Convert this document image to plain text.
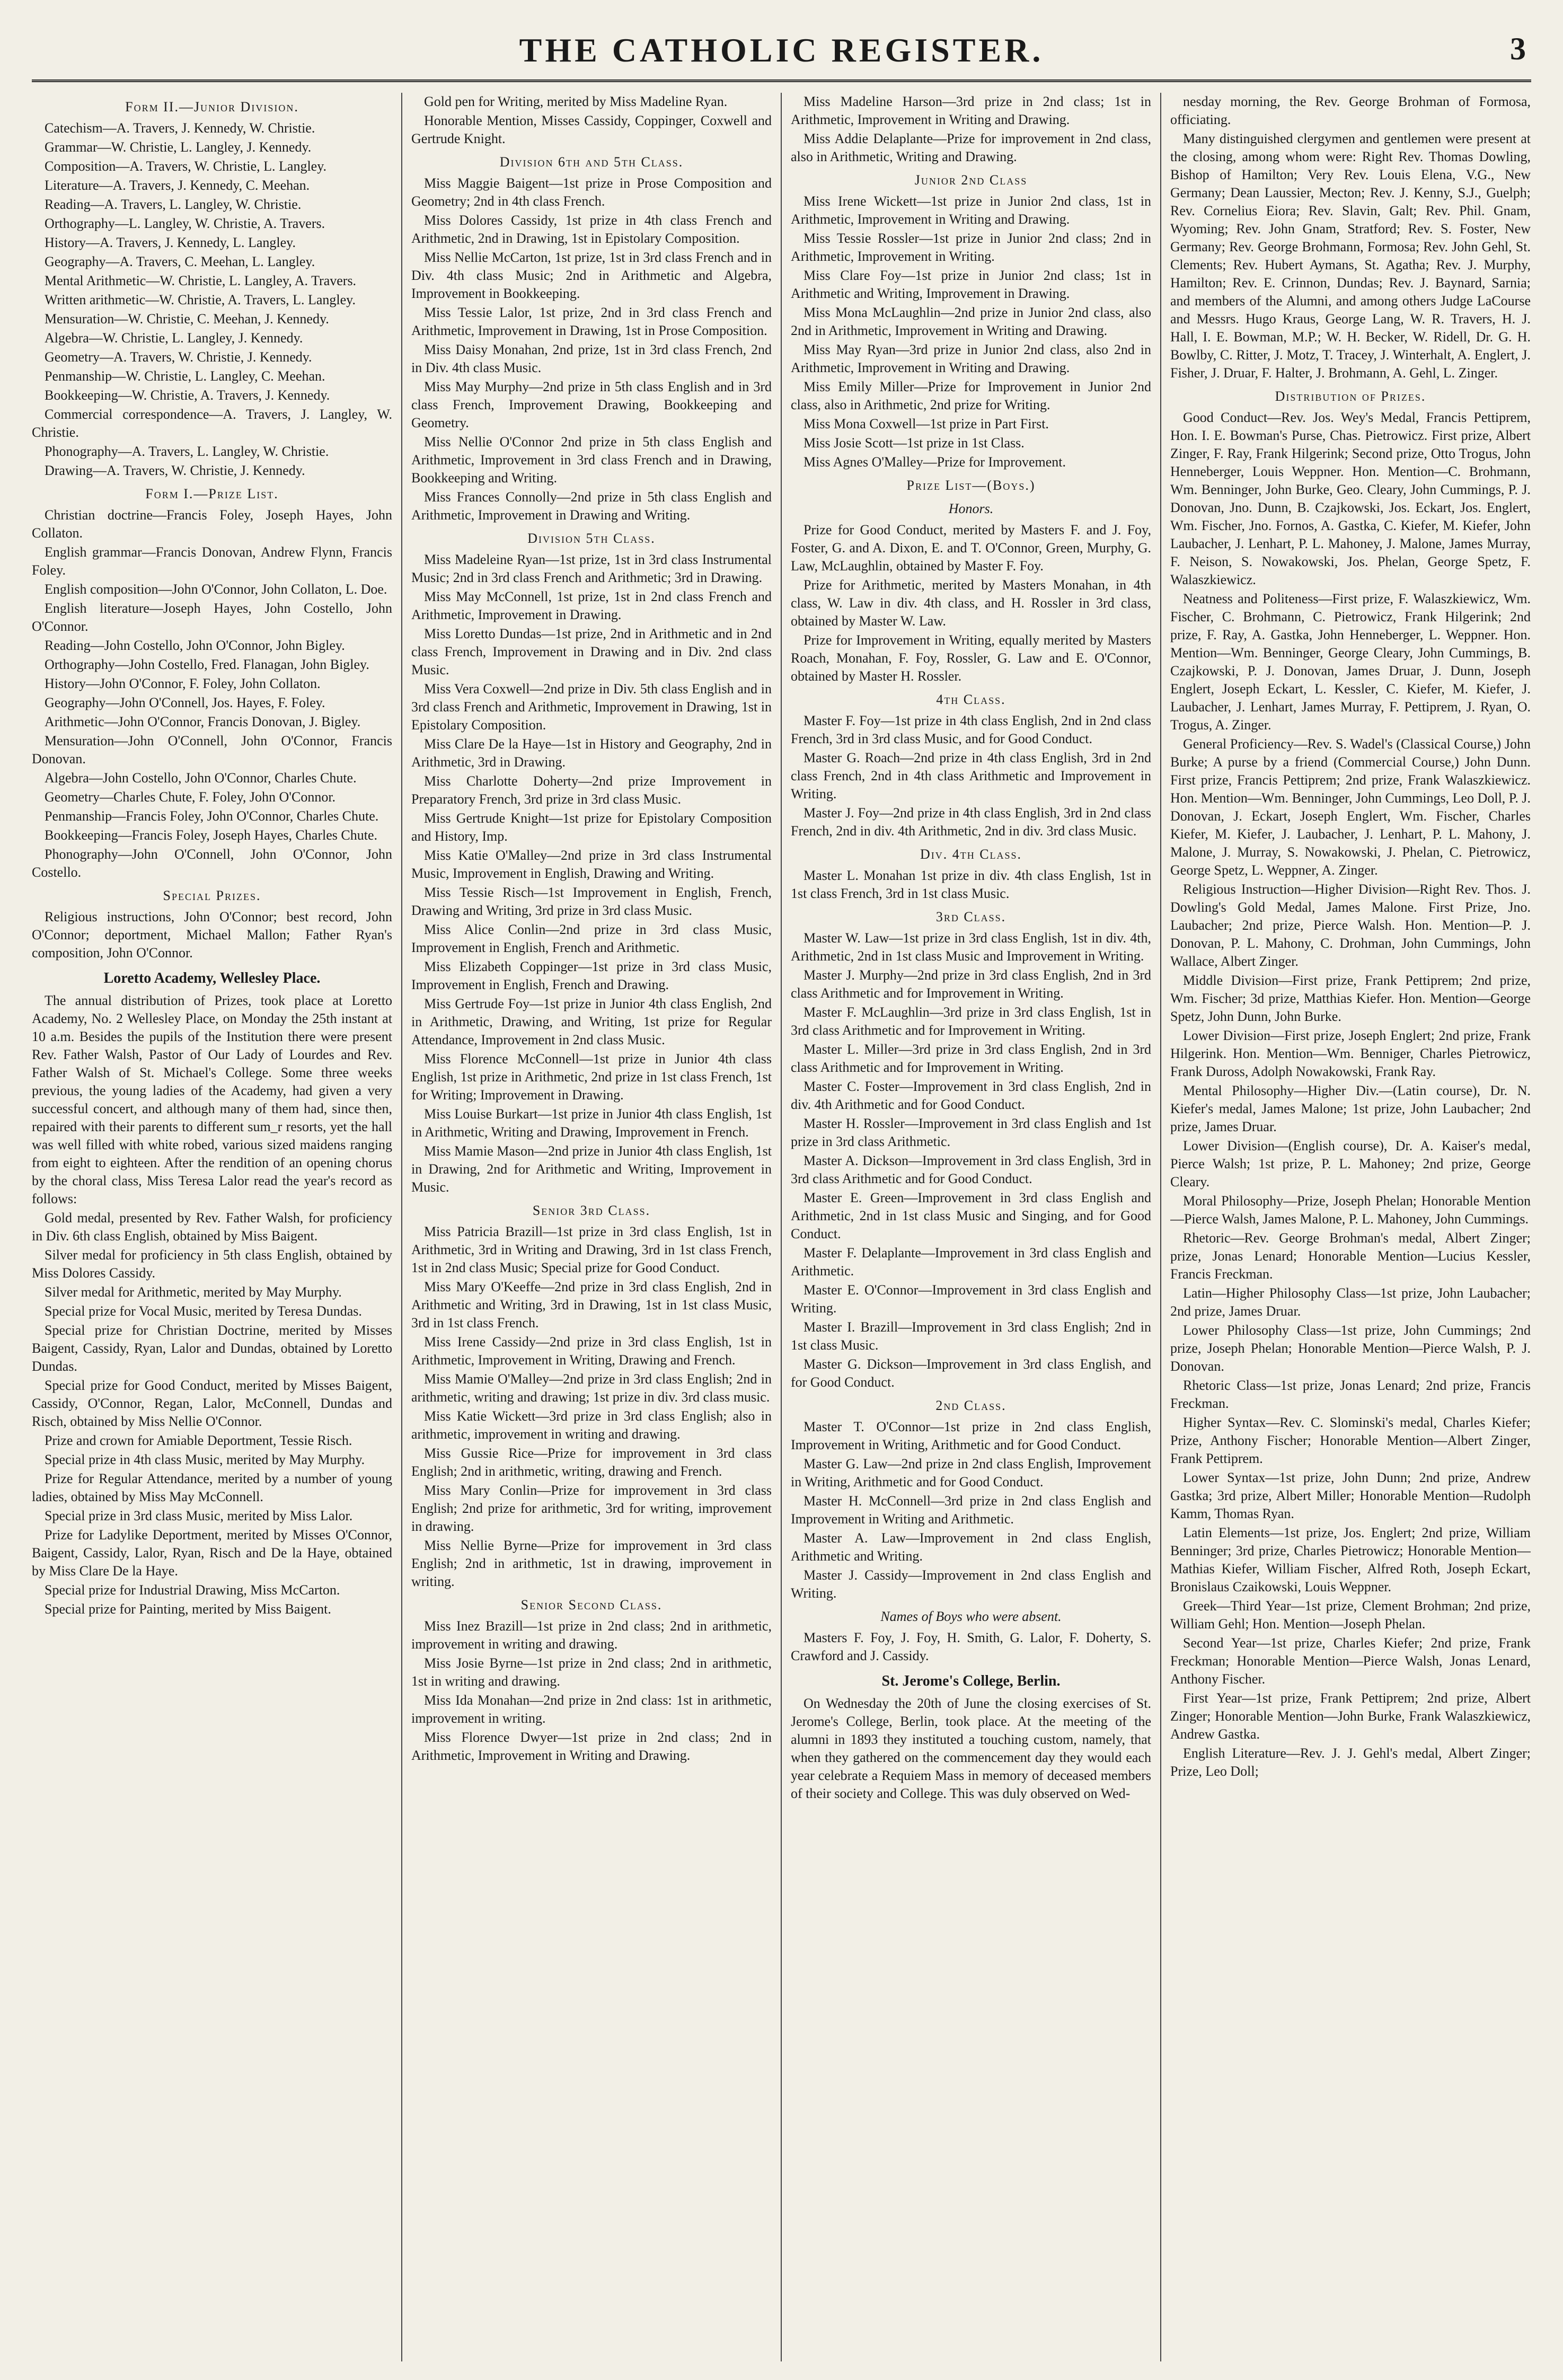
THE CATHOLIC REGISTER.	3
Form II.—Junior Division.

Catechism—A. Travers, J. Kennedy, W. Christie.

Grammar—W. Christie, L. Langley, J. Kennedy.

Composition—A. Travers, W. Christie, L. Langley.

Literature—A. Travers, J. Kennedy, C. Meehan.

Reading—A. Travers, L. Langley, W. Christie.

Orthography—L. Langley, W. Christie, A. Travers.

History—A. Travers, J. Kennedy, L. Langley.

Geography—A. Travers, C. Meehan, L. Langley.

Mental Arithmetic—W. Christie, L. Langley, A. Travers.

Written arithmetic—W. Christie, A. Travers, L. Langley.

Mensuration—W. Christie, C. Meehan, J. Kennedy.

Algebra—W. Christie, L. Langley, J. Kennedy.

Geometry—A. Travers, W. Christie, J. Kennedy.

Penmanship—W. Christie, L. Langley, C. Meehan.

Bookkeeping—W. Christie, A. Travers, J. Kennedy.

Commercial correspondence—A. Travers, J. Langley, W. Christie.

Phonography—A. Travers, L. Langley, W. Christie.

Drawing—A. Travers, W. Christie, J. Kennedy.

Form I.—Prize List.

Christian doctrine—Francis Foley, Joseph Hayes, John Collaton.

English grammar—Francis Donovan, Andrew Flynn, Francis Foley.

English composition—John O'Connor, John Collaton, L. Doe.

English literature—Joseph Hayes, John Costello, John O'Connor.

Reading—John Costello, John O'Connor, John Bigley.

Orthography—John Costello, Fred. Flanagan, John Bigley.

History—John O'Connor, F. Foley, John Collaton.

Geography—John O'Connell, Jos. Hayes, F. Foley.

Arithmetic—John O'Connor, Francis Donovan, J. Bigley.

Mensuration—John O'Connell, John O'Connor, Francis Donovan.

Algebra—John Costello, John O'Connor, Charles Chute.

Geometry—Charles Chute, F. Foley, John O'Connor.

Penmanship—Francis Foley, John O'Connor, Charles Chute.

Bookkeeping—Francis Foley, Joseph Hayes, Charles Chute.

Phonography—John O'Connell, John O'Connor, John Costello.

Special Prizes.

Religious instructions, John O'Connor; best record, John O'Connor; deportment, Michael Mallon; Father Ryan's composition, John O'Connor.

Loretto Academy, Wellesley Place.

The annual distribution of Prizes, took place at Loretto Academy, No. 2 Wellesley Place, on Monday the 25th instant at 10 a.m. Besides the pupils of the Institution there were present Rev. Father Walsh, Pastor of Our Lady of Lourdes and Rev. Father Walsh of St. Michael's College. Some three weeks previous, the young ladies of the Academy, had given a very successful concert, and although many of them had, since then, repaired with their parents to different sum_r resorts, yet the hall was well filled with white robed, various sized maidens ranging from eight to eighteen. After the rendition of an opening chorus by the choral class, Miss Teresa Lalor read the year's record as follows:

Gold medal, presented by Rev. Father Walsh, for proficiency in Div. 6th class English, obtained by Miss Baigent.

Silver medal for proficiency in 5th class English, obtained by Miss Dolores Cassidy.

Silver medal for Arithmetic, merited by May Murphy.

Special prize for Vocal Music, merited by Teresa Dundas.

Special prize for Christian Doctrine, merited by Misses Baigent, Cassidy, Ryan, Lalor and Dundas, obtained by Loretto Dundas.

Special prize for Good Conduct, merited by Misses Baigent, Cassidy, O'Connor, Regan, Lalor, McConnell, Dundas and Risch, obtained by Miss Nellie O'Connor.

Prize and crown for Amiable Deportment, Tessie Risch.

Special prize in 4th class Music, merited by May Murphy.

Prize for Regular Attendance, merited by a number of young ladies, obtained by Miss May McConnell.

Special prize in 3rd class Music, merited by Miss Lalor.

Prize for Ladylike Deportment, merited by Misses O'Connor, Baigent, Cassidy, Lalor, Ryan, Risch and De la Haye, obtained by Miss Clare De la Haye.

Special prize for Industrial Drawing, Miss McCarton.

Special prize for Painting, merited by Miss Baigent.

Gold pen for Writing, merited by Miss Madeline Ryan.

Honorable Mention, Misses Cassidy, Coppinger, Coxwell and Gertrude Knight.

Division 6th and 5th Class.

Miss Maggie Baigent—1st prize in Prose Composition and Geometry; 2nd in 4th class French.

Miss Dolores Cassidy, 1st prize in 4th class French and Arithmetic, 2nd in Drawing, 1st in Epistolary Composition.

Miss Nellie McCarton, 1st prize, 1st in 3rd class French and in Div. 4th class Music; 2nd in Arithmetic and Algebra, Improvement in Bookkeeping.

Miss Tessie Lalor, 1st prize, 2nd in 3rd class French and Arithmetic, Improvement in Drawing, 1st in Prose Composition.

Miss Daisy Monahan, 2nd prize, 1st in 3rd class French, 2nd in Div. 4th class Music.

Miss May Murphy—2nd prize in 5th class English and in 3rd class French, Improvement Drawing, Bookkeeping and Geometry.

Miss Nellie O'Connor 2nd prize in 5th class English and Arithmetic, Improvement in 3rd class French and in Drawing, Bookkeeping and Writing.

Miss Frances Connolly—2nd prize in 5th class English and Arithmetic, Improvement in Drawing and Writing.

Division 5th Class.

Miss Madeleine Ryan—1st prize, 1st in 3rd class Instrumental Music; 2nd in 3rd class French and Arithmetic; 3rd in Drawing.

Miss May McConnell, 1st prize, 1st in 2nd class French and Arithmetic, Improvement in Drawing.

Miss Loretto Dundas—1st prize, 2nd in Arithmetic and in 2nd class French, Improvement in Drawing and in Div. 2nd class Music.

Miss Vera Coxwell—2nd prize in Div. 5th class English and in 3rd class French and Arithmetic, Improvement in Drawing, 1st in Epistolary Composition.

Miss Clare De la Haye—1st in History and Geography, 2nd in Arithmetic, 3rd in Drawing.

Miss Charlotte Doherty—2nd prize Improvement in Preparatory French, 3rd prize in 3rd class Music.

Miss Gertrude Knight—1st prize for Epistolary Composition and History, Imp.

Miss Katie O'Malley—2nd prize in 3rd class Instrumental Music, Improvement in English, Drawing and Writing.

Miss Tessie Risch—1st Improvement in English, French, Drawing and Writing, 3rd prize in 3rd class Music.

Miss Alice Conlin—2nd prize in 3rd class Music, Improvement in English, French and Arithmetic.

Miss Elizabeth Coppinger—1st prize in 3rd class Music, Improvement in English, French and Drawing.

Miss Gertrude Foy—1st prize in Junior 4th class English, 2nd in Arithmetic, Drawing, and Writing, 1st prize for Regular Attendance, Improvement in 2nd class Music.

Miss Florence McConnell—1st prize in Junior 4th class English, 1st prize in Arithmetic, 2nd prize in 1st class French, 1st for Writing; Improvement in Drawing.

Miss Louise Burkart—1st prize in Junior 4th class English, 1st in Arithmetic, Writing and Drawing, Improvement in French.

Miss Mamie Mason—2nd prize in Junior 4th class English, 1st in Drawing, 2nd for Arithmetic and Writing, Improvement in Music.

Senior 3rd Class.

Miss Patricia Brazill—1st prize in 3rd class English, 1st in Arithmetic, 3rd in Writing and Drawing, 3rd in 1st class French, 1st in 2nd class Music; Special prize for Good Conduct.

Miss Mary O'Keeffe—2nd prize in 3rd class English, 2nd in Arithmetic and Writing, 3rd in Drawing, 1st in 1st class Music, 3rd in 1st class French.

Miss Irene Cassidy—2nd prize in 3rd class English, 1st in Arithmetic, Improvement in Writing, Drawing and French.

Miss Mamie O'Malley—2nd prize in 3rd class English; 2nd in arithmetic, writing and drawing; 1st prize in div. 3rd class music.

Miss Katie Wickett—3rd prize in 3rd class English; also in arithmetic, improvement in writing and drawing.

Miss Gussie Rice—Prize for improvement in 3rd class English; 2nd in arithmetic, writing, drawing and French.

Miss Mary Conlin—Prize for improvement in 3rd class English; 2nd prize for arithmetic, 3rd for writing, improvement in drawing.

Miss Nellie Byrne—Prize for improvement in 3rd class English; 2nd in arithmetic, 1st in drawing, improvement in writing.

Senior Second Class.

Miss Inez Brazill—1st prize in 2nd class; 2nd in arithmetic, improvement in writing and drawing.

Miss Josie Byrne—1st prize in 2nd class; 2nd in arithmetic, 1st in writing and drawing.

Miss Ida Monahan—2nd prize in 2nd class: 1st in arithmetic, improvement in writing.

Miss Florence Dwyer—1st prize in 2nd class; 2nd in Arithmetic, Improvement in Writing and Drawing.

Miss Madeline Harson—3rd prize in 2nd class; 1st in Arithmetic, Improvement in Writing and Drawing.

Miss Addie Delaplante—Prize for improvement in 2nd class, also in Arithmetic, Writing and Drawing.

Junior 2nd Class

Miss Irene Wickett—1st prize in Junior 2nd class, 1st in Arithmetic, Improvement in Writing and Drawing.

Miss Tessie Rossler—1st prize in Junior 2nd class; 2nd in Arithmetic, Improvement in Writing.

Miss Clare Foy—1st prize in Junior 2nd class; 1st in Arithmetic and Writing, Improvement in Drawing.

Miss Mona McLaughlin—2nd prize in Junior 2nd class, also 2nd in Arithmetic, Improvement in Writing and Drawing.

Miss May Ryan—3rd prize in Junior 2nd class, also 2nd in Arithmetic, Improvement in Writing and Drawing.

Miss Emily Miller—Prize for Improvement in Junior 2nd class, also in Arithmetic, 2nd prize for Writing.

Miss Mona Coxwell—1st prize in Part First.

Miss Josie Scott—1st prize in 1st Class.

Miss Agnes O'Malley—Prize for Improvement.

Prize List—(Boys.)
Honors.

Prize for Good Conduct, merited by Masters F. and J. Foy, Foster, G. and A. Dixon, E. and T. O'Connor, Green, Murphy, G. Law, McLaughlin, obtained by Master F. Foy.

Prize for Arithmetic, merited by Masters Monahan, in 4th class, W. Law in div. 4th class, and H. Rossler in 3rd class, obtained by Master W. Law.

Prize for Improvement in Writing, equally merited by Masters Roach, Monahan, F. Foy, Rossler, G. Law and E. O'Connor, obtained by Master H. Rossler.

4th Class.

Master F. Foy—1st prize in 4th class English, 2nd in 2nd class French, 3rd in 3rd class Music, and for Good Conduct.

Master G. Roach—2nd prize in 4th class English, 3rd in 2nd class French, 2nd in 4th class Arithmetic and Improvement in Writing.

Master J. Foy—2nd prize in 4th class English, 3rd in 2nd class French, 2nd in div. 4th Arithmetic, 2nd in div. 3rd class Music.

Div. 4th Class.

Master L. Monahan 1st prize in div. 4th class English, 1st in 1st class French, 3rd in 1st class Music.

3rd Class.

Master W. Law—1st prize in 3rd class English, 1st in div. 4th, Arithmetic, 2nd in 1st class Music and Improvement in Writing.

Master J. Murphy—2nd prize in 3rd class English, 2nd in 3rd class Arithmetic and for Improvement in Writing.

Master F. McLaughlin—3rd prize in 3rd class English, 1st in 3rd class Arithmetic and for Improvement in Writing.

Master L. Miller—3rd prize in 3rd class English, 2nd in 3rd class Arithmetic and for Improvement in Writing.

Master C. Foster—Improvement in 3rd class English, 2nd in div. 4th Arithmetic and for Good Conduct.

Master H. Rossler—Improvement in 3rd class English and 1st prize in 3rd class Arithmetic.

Master A. Dickson—Improvement in 3rd class English, 3rd in 3rd class Arithmetic and for Good Conduct.

Master E. Green—Improvement in 3rd class English and Arithmetic, 2nd in 1st class Music and Singing, and for Good Conduct.

Master F. Delaplante—Improvement in 3rd class English and Arithmetic.

Master E. O'Connor—Improvement in 3rd class English and Writing.

Master I. Brazill—Improvement in 3rd class English; 2nd in 1st class Music.

Master G. Dickson—Improvement in 3rd class English, and for Good Conduct.

2nd Class.

Master T. O'Connor—1st prize in 2nd class English, Improvement in Writing, Arithmetic and for Good Conduct.

Master G. Law—2nd prize in 2nd class English, Improvement in Writing, Arithmetic and for Good Conduct.

Master H. McConnell—3rd prize in 2nd class English and Improvement in Writing and Arithmetic.

Master A. Law—Improvement in 2nd class English, Arithmetic and Writing.

Master J. Cassidy—Improvement in 2nd class English and Writing.

Names of Boys who were absent.

Masters F. Foy, J. Foy, H. Smith, G. Lalor, F. Doherty, S. Crawford and J. Cassidy.

St. Jerome's College, Berlin.

On Wednesday the 20th of June the closing exercises of St. Jerome's College, Berlin, took place. At the meeting of the alumni in 1893 they instituted a touching custom, namely, that when they gathered on the commencement day they would each year celebrate a Requiem Mass in memory of deceased members of their society and College. This was duly observed on Wed-

nesday morning, the Rev. George Brohman of Formosa, officiating.

Many distinguished clergymen and gentlemen were present at the closing, among whom were: Right Rev. Thomas Dowling, Bishop of Hamilton; Very Rev. Louis Elena, V.G., New Germany; Dean Laussier, Mecton; Rev. J. Kenny, S.J., Guelph; Rev. Cornelius Eiora; Rev. Slavin, Galt; Rev. Phil. Gnam, Wyoming; Rev. John Gnam, Stratford; Rev. S. Foster, New Germany; Rev. George Brohmann, Formosa; Rev. John Gehl, St. Clements; Rev. Hubert Aymans, St. Agatha; Rev. J. Murphy, Hamilton; Rev. E. Crinnon, Dundas; Rev. J. Baynard, Sarnia; and members of the Alumni, and among others Judge LaCourse and Messrs. Hugo Kraus, George Lang, W. R. Travers, H. J. Hall, I. E. Bowman, M.P.; W. H. Becker, W. Ridell, Dr. G. H. Bowlby, C. Ritter, J. Motz, T. Tracey, J. Winterhalt, A. Englert, J. Fisher, J. Druar, F. Halter, J. Brohmann, A. Gehl, L. Zinger.

Distribution of Prizes.

Good Conduct—Rev. Jos. Wey's Medal, Francis Pettiprem, Hon. I. E. Bowman's Purse, Chas. Pietrowicz. First prize, Albert Zinger, F. Ray, Frank Hilgerink; Second prize, Otto Trogus, John Henneberger, Louis Weppner. Hon. Mention—C. Brohmann, Wm. Benninger, John Burke, Geo. Cleary, John Cummings, P. J. Donovan, Jno. Dunn, B. Czajkowski, Jos. Eckart, Jos. Englert, Wm. Fischer, Jno. Fornos, A. Gastka, C. Kiefer, M. Kiefer, John Laubacher, J. Lenhart, P. L. Mahoney, J. Malone, James Murray, F. Neison, S. Nowakowski, Jos. Phelan, George Spetz, F. Walaszkiewicz.

Neatness and Politeness—First prize, F. Walaszkiewicz, Wm. Fischer, C. Brohmann, C. Pietrowicz, Frank Hilgerink; 2nd prize, F. Ray, A. Gastka, John Henneberger, L. Weppner. Hon. Mention—Wm. Benninger, George Cleary, John Cummings, B. Czajkowski, P. J. Donovan, James Druar, J. Dunn, Joseph Englert, Joseph Eckart, L. Kessler, C. Kiefer, M. Kiefer, J. Laubacher, J. Lenhart, James Murray, F. Pettiprem, J. Ryan, O. Trogus, A. Zinger.

General Proficiency—Rev. S. Wadel's (Classical Course,) John Burke; A purse by a friend (Commercial Course,) John Dunn. First prize, Francis Pettiprem; 2nd prize, Frank Walaszkiewicz. Hon. Mention—Wm. Benninger, John Cummings, Leo Doll, P. J. Donovan, J. Eckart, Joseph Englert, Wm. Fischer, Charles Kiefer, M. Kiefer, J. Laubacher, J. Lenhart, P. L. Mahony, J. Malone, J. Murray, S. Nowakowski, J. Phelan, C. Pietrowicz, George Spetz, L. Weppner, A. Zinger.

Religious Instruction—Higher Division—Right Rev. Thos. J. Dowling's Gold Medal, James Malone. First Prize, Jno. Laubacher; 2nd prize, Pierce Walsh. Hon. Mention—P. J. Donovan, P. L. Mahony, C. Drohman, John Cummings, John Wallace, Albert Zinger.

Middle Division—First prize, Frank Pettiprem; 2nd prize, Wm. Fischer; 3d prize, Matthias Kiefer. Hon. Mention—George Spetz, John Dunn, John Burke.

Lower Division—First prize, Joseph Englert; 2nd prize, Frank Hilgerink. Hon. Mention—Wm. Benniger, Charles Pietrowicz, Frank Duross, Adolph Nowakowski, Frank Ray.

Mental Philosophy—Higher Div.—(Latin course), Dr. N. Kiefer's medal, James Malone; 1st prize, John Laubacher; 2nd prize, James Druar.

Lower Division—(English course), Dr. A. Kaiser's medal, Pierce Walsh; 1st prize, P. L. Mahoney; 2nd prize, George Cleary.

Moral Philosophy—Prize, Joseph Phelan; Honorable Mention—Pierce Walsh, James Malone, P. L. Mahoney, John Cummings.

Rhetoric—Rev. George Brohman's medal, Albert Zinger; prize, Jonas Lenard; Honorable Mention—Lucius Kessler, Francis Freckman.

Latin—Higher Philosophy Class—1st prize, John Laubacher; 2nd prize, James Druar.

Lower Philosophy Class—1st prize, John Cummings; 2nd prize, Joseph Phelan; Honorable Mention—Pierce Walsh, P. J. Donovan.

Rhetoric Class—1st prize, Jonas Lenard; 2nd prize, Francis Freckman.

Higher Syntax—Rev. C. Slominski's medal, Charles Kiefer; Prize, Anthony Fischer; Honorable Mention—Albert Zinger, Frank Pettiprem.

Lower Syntax—1st prize, John Dunn; 2nd prize, Andrew Gastka; 3rd prize, Albert Miller; Honorable Mention—Rudolph Kamm, Thomas Ryan.

Latin Elements—1st prize, Jos. Englert; 2nd prize, William Benninger; 3rd prize, Charles Pietrowicz; Honorable Mention—Mathias Kiefer, William Fischer, Alfred Roth, Joseph Eckart, Bronislaus Czaikowski, Louis Weppner.

Greek—Third Year—1st prize, Clement Brohman; 2nd prize, William Gehl; Hon. Mention—Joseph Phelan.

Second Year—1st prize, Charles Kiefer; 2nd prize, Frank Freckman; Honorable Mention—Pierce Walsh, Jonas Lenard, Anthony Fischer.

First Year—1st prize, Frank Pettiprem; 2nd prize, Albert Zinger; Honorable Mention—John Burke, Frank Walaszkiewicz, Andrew Gastka.

English Literature—Rev. J. J. Gehl's medal, Albert Zinger; Prize, Leo Doll;
